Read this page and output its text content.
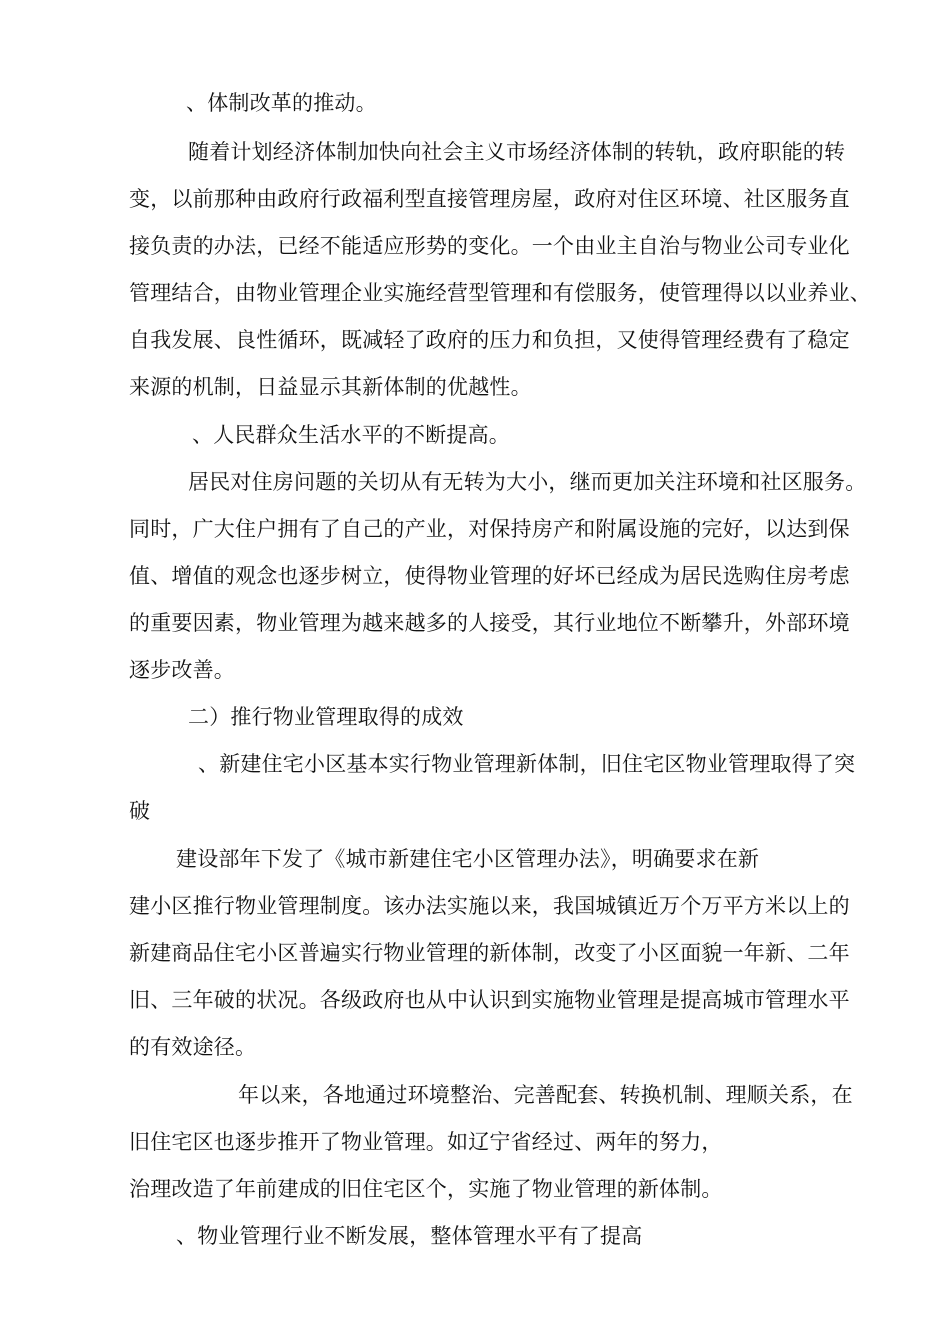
、体制改革的推动。
随着计划经济体制加快向社会主义市场经济体制的转轨，政府职能的转
变，以前那种由政府行政福利型直接管理房屋，政府对住区环境、社区服务直
接负责的办法，已经不能适应形势的变化。一个由业主自治与物业公司专业化
管理结合，由物业管理企业实施经营型管理和有偿服务，使管理得以以业养业、
自我发展、良性循环，既减轻了政府的压力和负担，又使得管理经费有了稳定
来源的机制，日益显示其新体制的优越性。
、人民群众生活水平的不断提高。
居民对住房问题的关切从有无转为大小，继而更加关注环境和社区服务。
同时，广大住户拥有了自己的产业，对保持房产和附属设施的完好，以达到保
值、增值的观念也逐步树立，使得物业管理的好坏已经成为居民选购住房考虑
的重要因素，物业管理为越来越多的人接受，其行业地位不断攀升，外部环境
逐步改善。
二）推行物业管理取得的成效
、新建住宅小区基本实行物业管理新体制，旧住宅区物业管理取得了突
破
建设部年下发了《城市新建住宅小区管理办法》，明确要求在新
建小区推行物业管理制度。该办法实施以来，我国城镇近万个万平方米以上的
新建商品住宅小区普遍实行物业管理的新体制，改变了小区面貌一年新、二年
旧、三年破的状况。各级政府也从中认识到实施物业管理是提高城市管理水平
的有效途径。
年以来，各地通过环境整治、完善配套、转换机制、理顺关系，在
旧住宅区也逐步推开了物业管理。如辽宁省经过、两年的努力，
治理改造了年前建成的旧住宅区个，实施了物业管理的新体制。
、物业管理行业不断发展，整体管理水平有了提高
